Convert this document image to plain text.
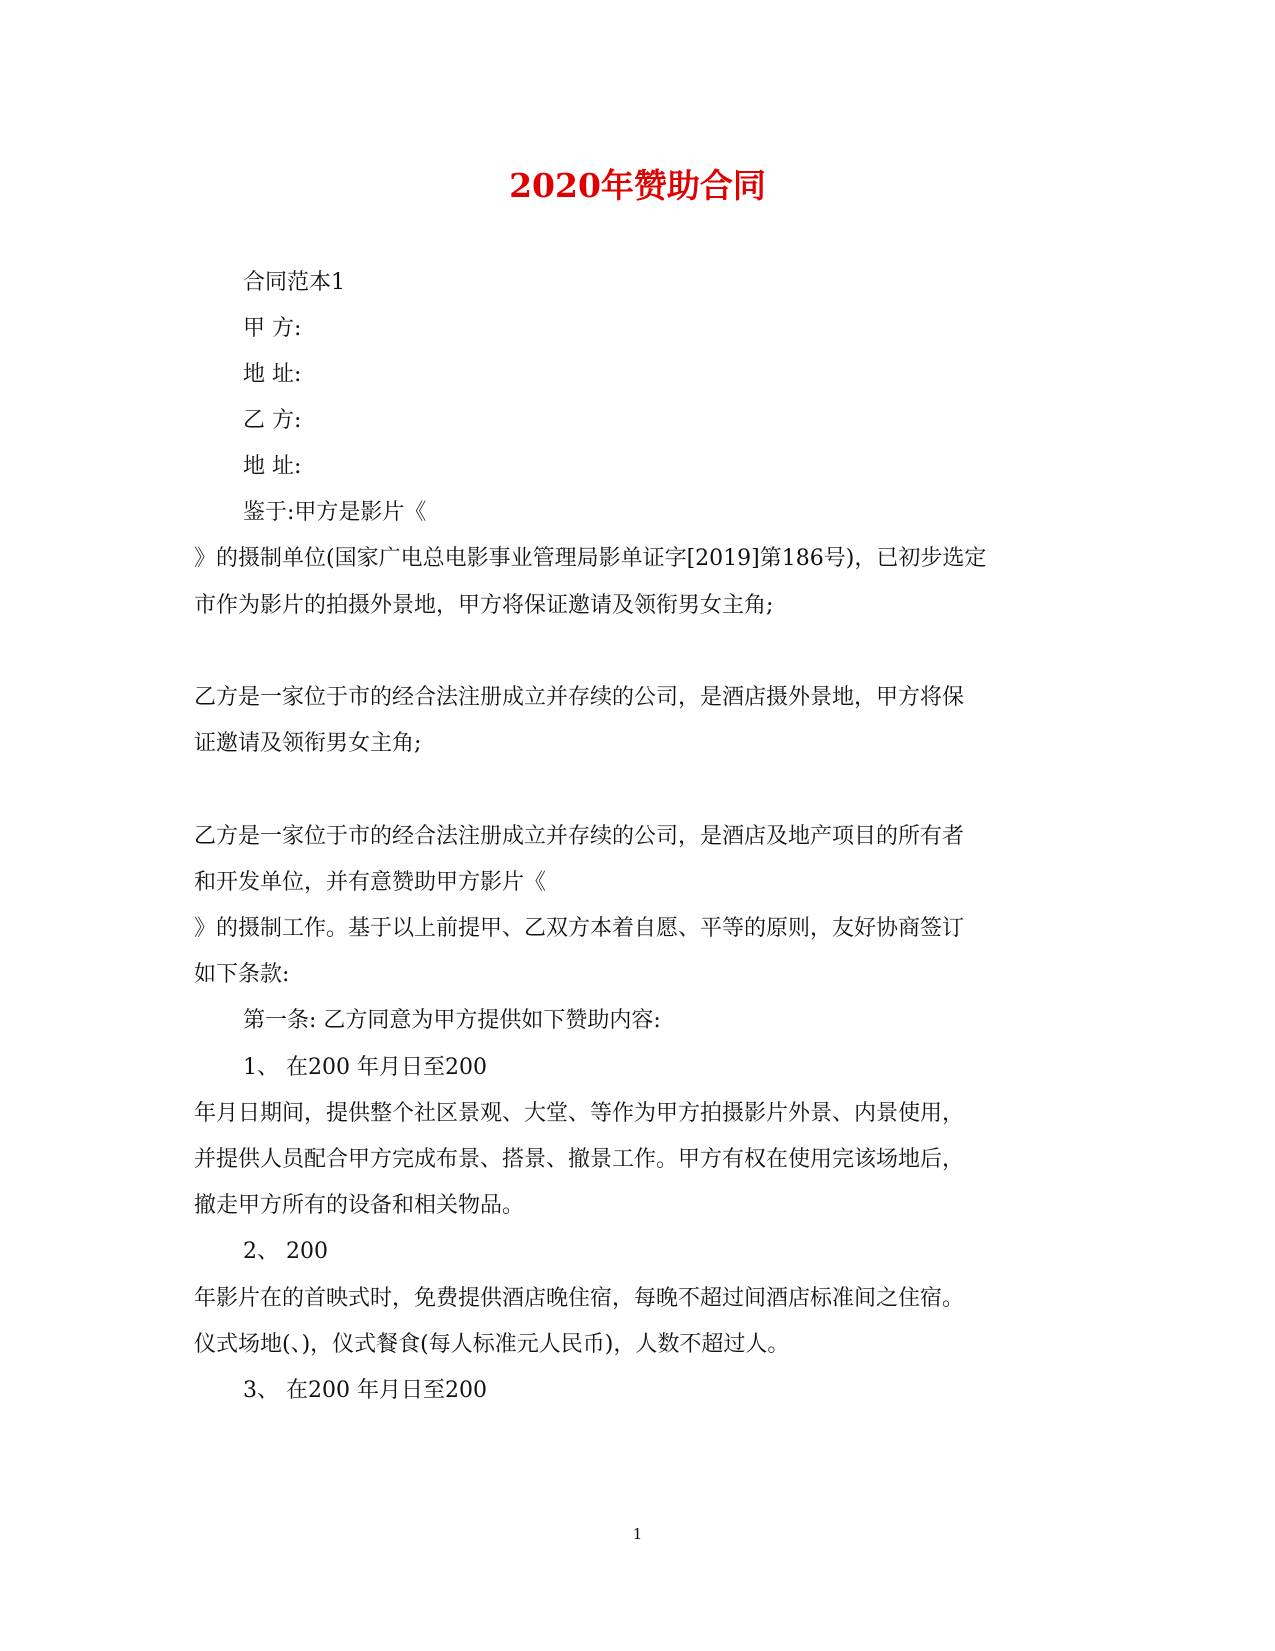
2020年赞助合同
合同范本1
甲 方:
地 址:
乙 方:
地 址:
鉴于:甲方是影片《
》的摄制单位(国家广电总电影事业管理局影单证字[2019]第186号)，已初步选定
市作为影片的拍摄外景地，甲方将保证邀请及领衔男女主角;
乙方是一家位于市的经合法注册成立并存续的公司，是酒店摄外景地，甲方将保
证邀请及领衔男女主角;
乙方是一家位于市的经合法注册成立并存续的公司，是酒店及地产项目的所有者
和开发单位，并有意赞助甲方影片《
》的摄制工作。基于以上前提甲、乙双方本着自愿、平等的原则，友好协商签订
如下条款:
第一条: 乙方同意为甲方提供如下赞助内容:
1、 在200 年月日至200
年月日期间，提供整个社区景观、大堂、等作为甲方拍摄影片外景、内景使用，
并提供人员配合甲方完成布景、搭景、撤景工作。甲方有权在使用完该场地后，
撤走甲方所有的设备和相关物品。
2、 200
年影片在的首映式时，免费提供酒店晚住宿，每晚不超过间酒店标准间之住宿。
仪式场地(、)，仪式餐食(每人标准元人民币)，人数不超过人。
3、 在200 年月日至200
1
